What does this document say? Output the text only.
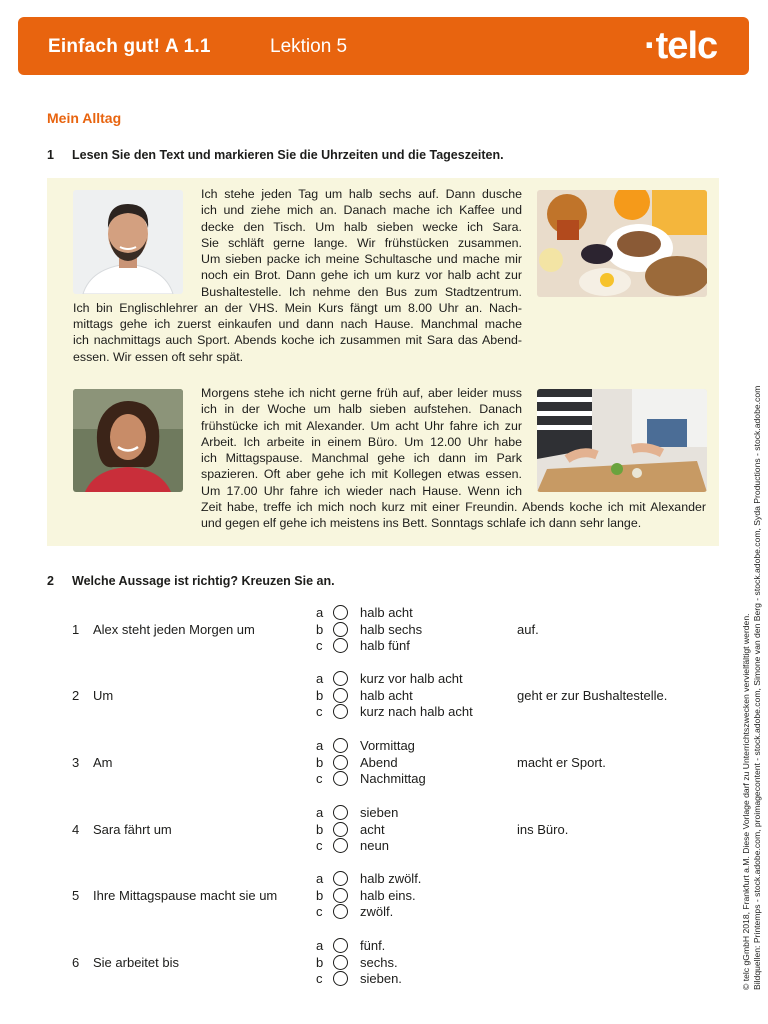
Einfach gut! A 1.1	Lektion 5	·telc
Mein Alltag
1 Lesen Sie den Text und markieren Sie die Uhrzeiten und die Tageszeiten.
Ich stehe jeden Tag um halb sechs auf. Dann dusche
ich und ziehe mich an. Danach mache ich Kaffee und
decke den Tisch. Um halb sieben wecke ich Sara.
Sie schläft gerne lange. Wir frühstücken zusammen.
Um sieben packe ich meine Schultasche und mache mir
noch ein Brot. Dann gehe ich um kurz vor halb acht zur
Bushaltestelle. Ich nehme den Bus zum Stadtzentrum.
Ich bin Englischlehrer an der VHS. Mein Kurs fängt um 8.00 Uhr an. Nach-
mittags gehe ich zuerst einkaufen und dann nach Hause. Manchmal mache
ich nachmittags auch Sport. Abends koche ich zusammen mit Sara das Abend-
essen. Wir essen oft sehr spät.
Morgens stehe ich nicht gerne früh auf, aber leider muss
ich in der Woche um halb sieben aufstehen. Danach
frühstücke ich mit Alexander. Um acht Uhr fahre ich zur
Arbeit. Ich arbeite in einem Büro. Um 12.00 Uhr habe
ich Mittagspause. Manchmal gehe ich dann im Park
spazieren. Oft aber gehe ich mit Kollegen etwas essen.
Um 17.00 Uhr fahre ich wieder nach Hause. Wenn ich
Zeit habe, treffe ich mich noch kurz mit einer Freundin. Abends koche ich mit Alexander
und gegen elf gehe ich meistens ins Bett. Sonntags schlafe ich dann sehr lange.
2 Welche Aussage ist richtig? Kreuzen Sie an.
1 Alex steht jeden Morgen um
a	halb acht
b	halb sechs
c	halb fünf
auf.
2 Um
a	kurz vor halb acht
b	halb acht
c	kurz nach halb acht
geht er zur Bushaltestelle.
3 Am
a	Vormittag
b	Abend
c	Nachmittag
macht er Sport.
4 Sara fährt um
a	sieben
b	acht
c	neun
ins Büro.
5 Ihre Mittagspause macht sie um
a	halb zwölf.
b	halb eins.
c	zwölf.
6 Sie arbeitet bis
a	fünf.
b	sechs.
c	sieben.	© telc gGmbH 2018, Frankfurt a.M. Diese Vorlage darf zu Unterrichtszwecken vervielfältigt werden. Bildquellen: Printemps - stock.adobe.com, proimagecontent - stock.adobe.com, Simone van den Berg - stock.adobe.com, Syda Productions - stock.adobe.com
